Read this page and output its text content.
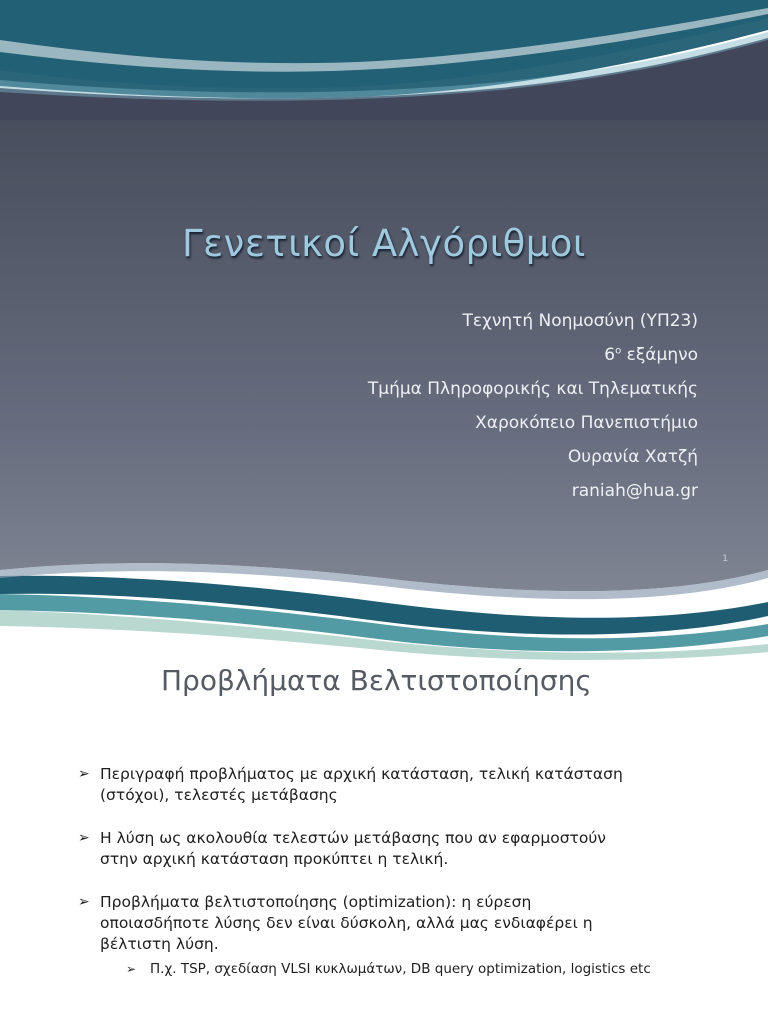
Γενετικοί Αλγόριθμοι
Τεχνητή Νοημοσύνη (ΥΠ23)
$6^o$ εξάμηνο
Τμήμα Πληροφορικής και Τηλεματικής
Χαροκόπειο Πανεπιστήμιο
Ουρανία Χατζή
raniah@hua.gr
1
Προβλήματα Βελτιστοποίησης
➢ Περιγραφή προβλήματος με αρχική κατάσταση, τελική κατάσταση
(στόχοι), τελεστές μετάβασης
➢ Η λύση ως ακολουθία τελεστών μετάβασης που αν εφαρμοστούν
στην αρχική κατάσταση προκύπτει η τελική.
➢ Προβλήματα βελτιστοποίησης (optimization): η εύρεση
οποιασδήποτε λύσης δεν είναι δύσκολη, αλλά μας ενδιαφέρει η
βέλτιστη λύση.
➢ Π.χ. TSP, σχεδίαση VLSI κυκλωμάτων, DB query optimization, logistics etc
